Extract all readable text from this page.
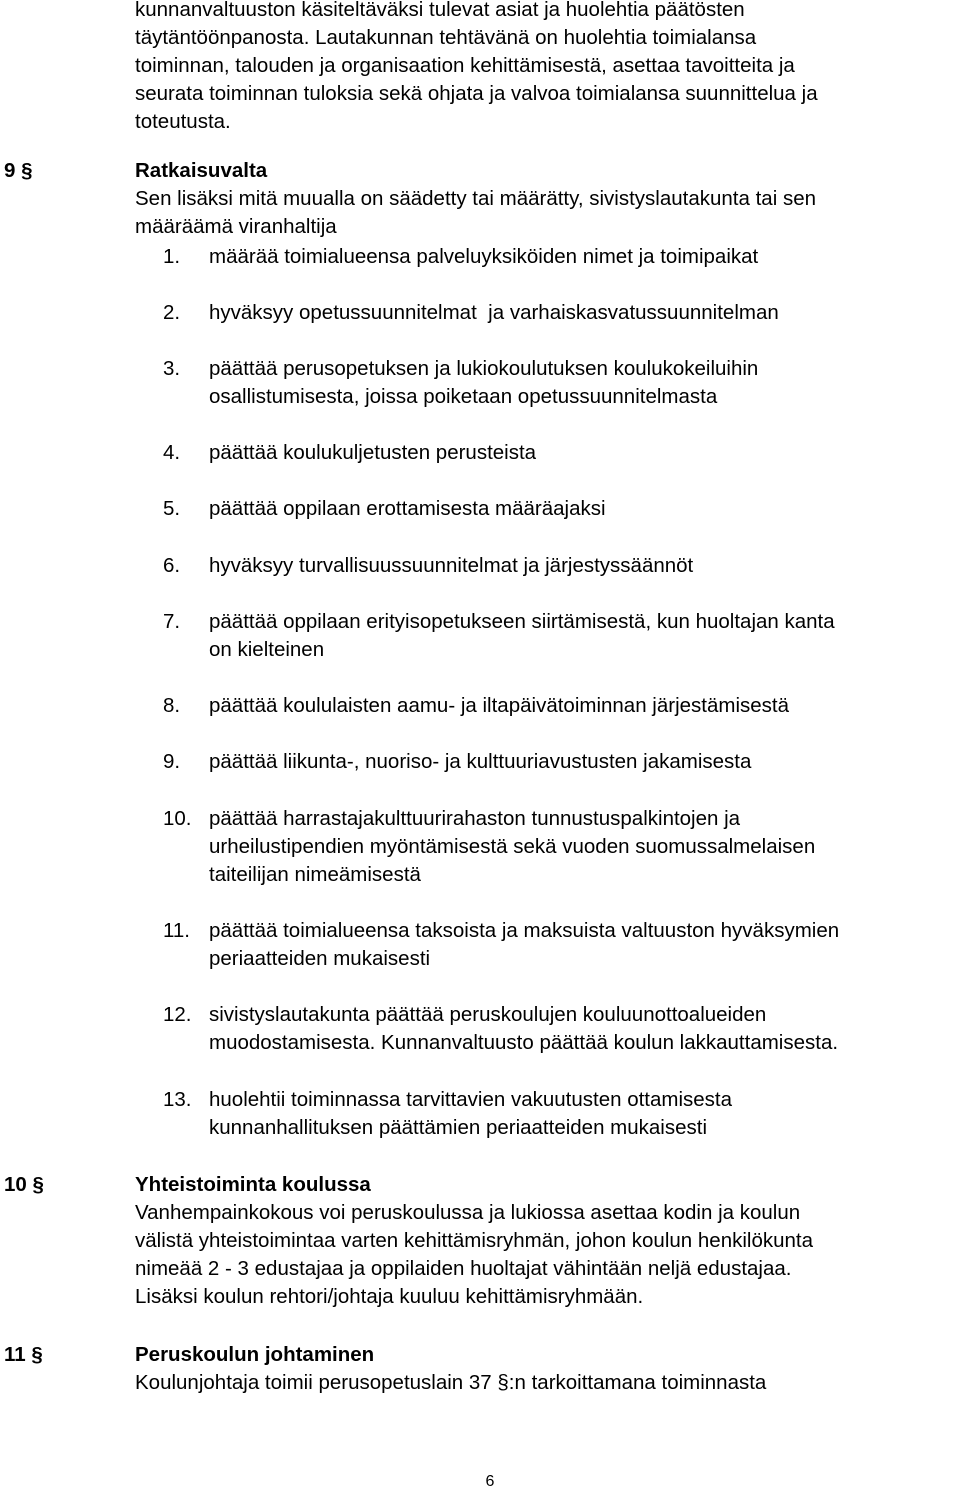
kunnanvaltuuston käsiteltäväksi tulevat asiat ja huolehtia päätösten

täytäntöönpanosta. Lautakunnan tehtävänä on huolehtia toimialansa

toiminnan, talouden ja organisaation kehittämisestä, asettaa tavoitteita ja

seurata toiminnan tuloksia sekä ohjata ja valvoa toimialansa suunnittelua ja

toteutusta.

9 §	Ratkaisuvalta

Sen lisäksi mitä muualla on säädetty tai määrätty, sivistyslautakunta tai sen

määräämä viranhaltija

1.	määrää toimialueensa palveluyksiköiden nimet ja toimipaikat
2.	hyväksyy opetussuunnitelmat  ja varhaiskasvatussuunnitelman
3.	päättää perusopetuksen ja lukiokoulutuksen koulukokeiluihin
osallistumisesta, joissa poiketaan opetussuunnitelmasta
4.	päättää koulukuljetusten perusteista
5.	päättää oppilaan erottamisesta määräajaksi
6.	hyväksyy turvallisuussuunnitelmat ja järjestyssäännöt
7.	päättää oppilaan erityisopetukseen siirtämisestä, kun huoltajan kanta
on kielteinen
8.	päättää koululaisten aamu- ja iltapäivätoiminnan järjestämisestä
9.	päättää liikunta-, nuoriso- ja kulttuuriavustusten jakamisesta
10. päättää harrastajakulttuurirahaston tunnustuspalkintojen ja
urheilustipendien myöntämisestä sekä vuoden suomussalmelaisen
taiteilijan nimeämisestä
11. päättää toimialueensa taksoista ja maksuista valtuuston hyväksymien
periaatteiden mukaisesti
12. sivistyslautakunta päättää peruskoulujen kouluunottoalueiden
muodostamisesta. Kunnanvaltuusto päättää koulun lakkauttamisesta.
13. huolehtii toiminnassa tarvittavien vakuutusten ottamisesta
kunnanhallituksen päättämien periaatteiden mukaisesti
10 §	Yhteistoiminta koulussa

Vanhempainkokous voi peruskoulussa ja lukiossa asettaa kodin ja koulun

välistä yhteistoimintaa varten kehittämisryhmän, johon koulun henkilökunta

nimeää 2 - 3 edustajaa ja oppilaiden huoltajat vähintään neljä edustajaa.

Lisäksi koulun rehtori/johtaja kuuluu kehittämisryhmään.

11 §	Peruskoulun johtaminen

Koulunjohtaja toimii perusopetuslain 37 §:n tarkoittamana toiminnasta

6
